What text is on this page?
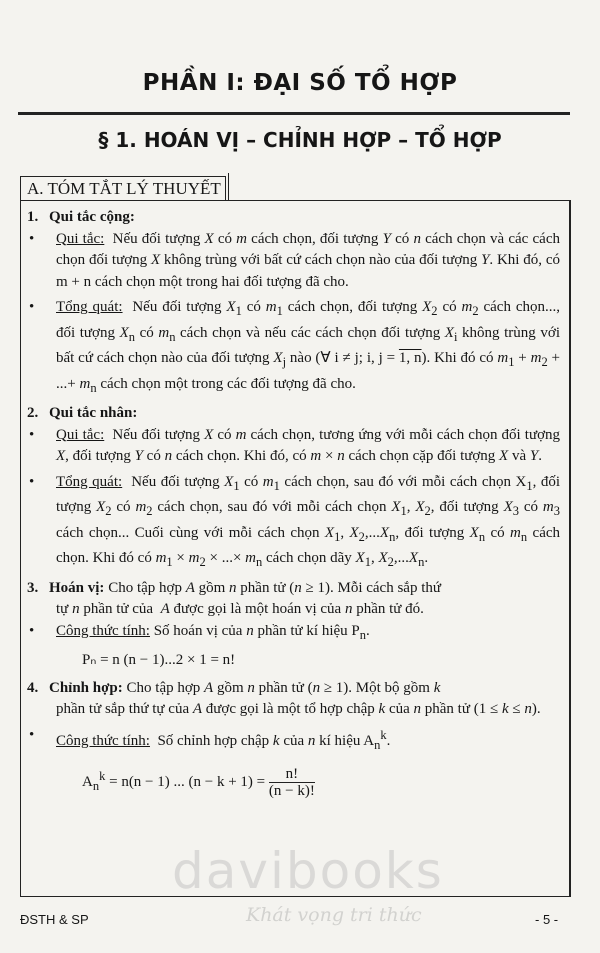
PHẦN I: ĐẠI SỐ TỔ HỢP
§ 1. HOÁN VỊ – CHỈNH HỢP – TỔ HỢP
A. TÓM TẮT LÝ THUYẾT

1. Qui tắc cộng:

• Qui tắc:  Nếu đối tượng X có m cách chọn, đối tượng Y có n cách chọn và các cách chọn đối tượng X không trùng với bất cứ cách chọn nào của đối tượng Y. Khi đó, có m + n cách chọn một trong hai đối tượng đã cho.

• Tổng quát:  Nếu đối tượng $X_1$ có $m_1$ cách chọn, đối tượng $X_2$ có $m_2$ cách chọn..., đối tượng $X_n$ có $m_n$ cách chọn và nếu các cách chọn đối tượng $X_i$ không trùng với bất cứ cách chọn nào của đối tượng $X_j$ nào (∀ i ≠ j; i, j = 1, n). Khi đó có $m_1 + m_2$ + ...+ $m_n$ cách chọn một trong các đối tượng đã cho.

2. Qui tắc nhân:

• Qui tắc:  Nếu đối tượng X có m cách chọn, tương ứng với mỗi cách chọn đối tượng X, đối tượng Y có n cách chọn. Khi đó, có m × n cách chọn cặp đối tượng X và Y.

• Tổng quát:  Nếu đối tượng $X_1$ có $m_1$ cách chọn, sau đó với mỗi cách chọn $X_1$, đối tượng $X_2$ có $m_2$ cách chọn, sau đó với mỗi cách chọn $X_1$, $X_2$, đối tượng $X_3$ có $m_3$ cách chọn... Cuối cùng với mỗi cách chọn $X_1$, $X_2,...X_n$, đối tượng $X_n$ có $m_n$ cách chọn. Khi đó có $m_1 \times m_2$ × ...× $m_n$ cách chọn dãy $X_1$, $X_2,...X_n$.

3. Hoán vị: Cho tập hợp A gồm n phần tử (n ≥ 1). Mỗi cách sắp thứ

tự n phần tử của  A được gọi là một hoán vị của n phần tử đó.

• Công thức tính: Số hoán vị của n phần tử kí hiệu $P_n$.

Pₙ = n (n − 1)...2 × 1 = n!

4. Chỉnh hợp: Cho tập hợp A gồm n phần tử (n ≥ 1). Một bộ gồm k

phần tử sắp thứ tự của A được gọi là một tổ hợp chập k của n phần tử (1 ≤ k ≤ n).

• Công thức tính:  Số chỉnh hợp chập k của n kí hiệu $A_n^k$.

$A_n^k = n(n - 1)$ ... $(n - k + 1) = \frac{n!}{(n - k)!}$

davibooks
Khát vọng tri thức
ĐSTH & SP	- 5 -
